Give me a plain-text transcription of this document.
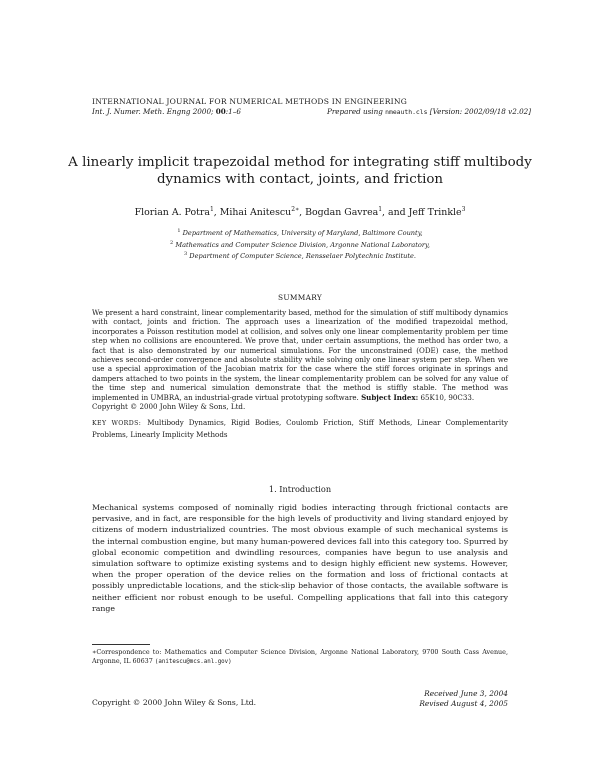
INTERNATIONAL JOURNAL FOR NUMERICAL METHODS IN ENGINEERING
Int. J. Numer. Meth. Engng 2000; 00:1–6	Prepared using nmeauth.cls [Version: 2002/09/18 v2.02]
A linearly implicit trapezoidal method for integrating stiff multibody dynamics with contact, joints, and friction
Florian A. Potra$^1$, Mihai Anitescu$^{2∗}$, Bogdan Gavrea$^1$, and Jeff Trinkle$^3$
$^1$ Department of Mathematics, University of Maryland, Baltimore County,
$^2$ Mathematics and Computer Science Division, Argonne National Laboratory,
$^3$ Department of Computer Science, Rensselaer Polytechnic Institute.
SUMMARY
We present a hard constraint, linear complementarity based, method for the simulation of stiff multibody dynamics with contact, joints and friction. The approach uses a linearization of the modified trapezoidal method, incorporates a Poisson restitution model at collision, and solves only one linear complementarity problem per time step when no collisions are encountered. We prove that, under certain assumptions, the method has order two, a fact that is also demonstrated by our numerical simulations. For the unconstrained (ODE) case, the method achieves second-order convergence and absolute stability while solving only one linear system per step. When we use a special approximation of the Jacobian matrix for the case where the stiff forces originate in springs and dampers attached to two points in the system, the linear complementarity problem can be solved for any value of the time step and numerical simulation demonstrate that the method is stiffly stable. The method was implemented in UMBRA, an industrial-grade virtual prototyping software. Subject Index: 65K10, 90C33.
Copyright © 2000 John Wiley & Sons, Ltd.
KEY WORDS: Multibody Dynamics, Rigid Bodies, Coulomb Friction, Stiff Methods, Linear Complementarity Problems, Linearly Implicity Methods
1. Introduction
Mechanical systems composed of nominally rigid bodies interacting through frictional contacts are pervasive, and in fact, are responsible for the high levels of productivity and living standard enjoyed by citizens of modern industrialized countries. The most obvious example of such mechanical systems is the internal combustion engine, but many human-powered devices fall into this category too. Spurred by global economic competition and dwindling resources, companies have begun to use analysis and simulation software to optimize existing systems and to design highly efficient new systems. However, when the proper operation of the device relies on the formation and loss of frictional contacts at possibly unpredictable locations, and the stick-slip behavior of those contacts, the available software is neither efficient nor robust enough to be useful. Compelling applications that fall into this category range
∗Correspondence to: Mathematics and Computer Science Division, Argonne National Laboratory, 9700 South Cass Avenue, Argonne, IL 60637 (anitescu@mcs.anl.gov)
Copyright © 2000 John Wiley & Sons, Ltd.
Received June 3, 2004
Revised August 4, 2005
